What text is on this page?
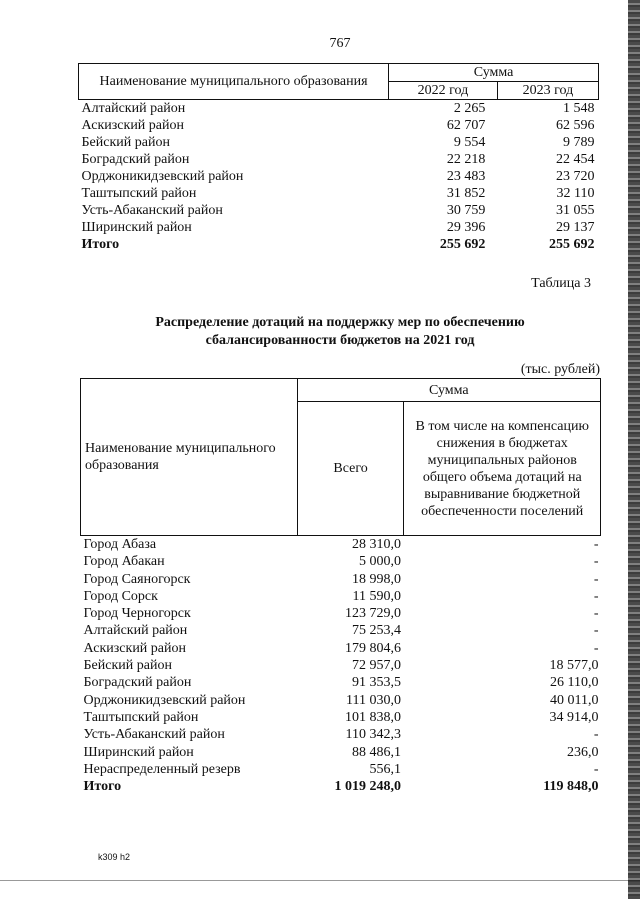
767
Наименование муниципального образования	Сумма	
	2022 год	2023 год
Алтайский район	2 265	1 548
Аскизский район	62 707	62 596
Бейский район	9 554	9 789
Боградский район	22 218	22 454
Орджоникидзевский район	23 483	23 720
Таштыпский район	31 852	32 110
Усть-Абаканский район	30 759	31 055
Ширинский район	29 396	29 137
Итого	255 692	255 692
Таблица 3
Распределение дотаций на поддержку мер по обеспечению
сбалансированности бюджетов на 2021 год
(тыс. рублей)
Наименование муниципального образования	Сумма	
	Всего	В том числе на компенсацию снижения в бюджетах муниципальных районов общего объема дотаций на выравнивание бюджетной обеспеченности поселений
Город Абаза	28 310,0	-
Город Абакан	5 000,0	-
Город Саяногорск	18 998,0	-
Город Сорск	11 590,0	-
Город Черногорск	123 729,0	-
Алтайский район	75 253,4	-
Аскизский район	179 804,6	-
Бейский район	72 957,0	18 577,0
Боградский район	91 353,5	26 110,0
Орджоникидзевский район	111 030,0	40 011,0
Таштыпский район	101 838,0	34 914,0
Усть-Абаканский район	110 342,3	-
Ширинский район	88 486,1	236,0
Нераспределенный резерв	556,1	-
Итого	1 019 248,0	119 848,0
k309 h2
